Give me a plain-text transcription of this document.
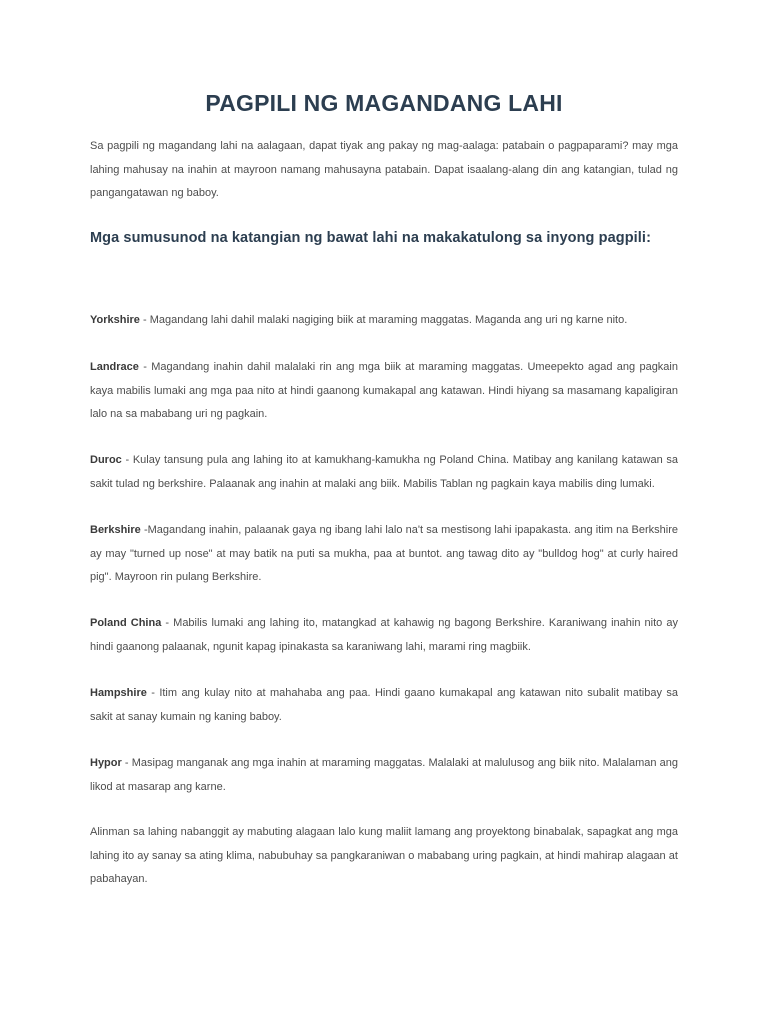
PAGPILI NG MAGANDANG LAHI

Sa pagpili ng magandang lahi na aalagaan, dapat tiyak ang pakay ng mag-aalaga: patabain o pagpaparami? may mga lahing mahusay na inahin at mayroon namang mahusayna patabain. Dapat isaalang-alang din ang katangian, tulad ng pangangatawan ng baboy.

Mga sumusunod na katangian ng bawat lahi na makakatulong sa inyong pagpili:

Yorkshire - Magandang lahi dahil malaki nagiging biik at maraming maggatas. Maganda ang uri ng karne nito.

Landrace - Magandang inahin dahil malalaki rin ang mga biik at maraming maggatas. Umeepekto agad ang pagkain kaya mabilis lumaki ang mga paa nito at hindi gaanong kumakapal ang katawan. Hindi hiyang sa masamang kapaligiran lalo na sa mababang uri ng pagkain.

Duroc - Kulay tansung pula ang lahing ito at kamukhang-kamukha ng Poland China. Matibay ang kanilang katawan sa sakit tulad ng berkshire. Palaanak ang inahin at malaki ang biik. Mabilis Tablan ng pagkain kaya mabilis ding lumaki.

Berkshire -Magandang inahin, palaanak gaya ng ibang lahi lalo na't sa mestisong lahi ipapakasta. ang itim na Berkshire ay may "turned up nose" at may batik na puti sa mukha, paa at buntot. ang tawag dito ay "bulldog hog" at curly haired pig". Mayroon rin pulang Berkshire.

Poland China - Mabilis lumaki ang lahing ito, matangkad at kahawig ng bagong Berkshire. Karaniwang inahin nito ay hindi gaanong palaanak, ngunit kapag ipinakasta sa karaniwang lahi, marami ring magbiik.

Hampshire - Itim ang kulay nito at mahahaba ang paa. Hindi gaano kumakapal ang katawan nito subalit matibay sa sakit at sanay kumain ng kaning baboy.

Hypor - Masipag manganak ang mga inahin at maraming maggatas. Malalaki at malulusog ang biik nito. Malalaman ang likod at masarap ang karne.

Alinman sa lahing nabanggit ay mabuting alagaan lalo kung maliit lamang ang proyektong binabalak, sapagkat ang mga lahing ito ay sanay sa ating klima, nabubuhay sa pangkaraniwan o mababang uring pagkain, at hindi mahirap alagaan at pabahayan.
